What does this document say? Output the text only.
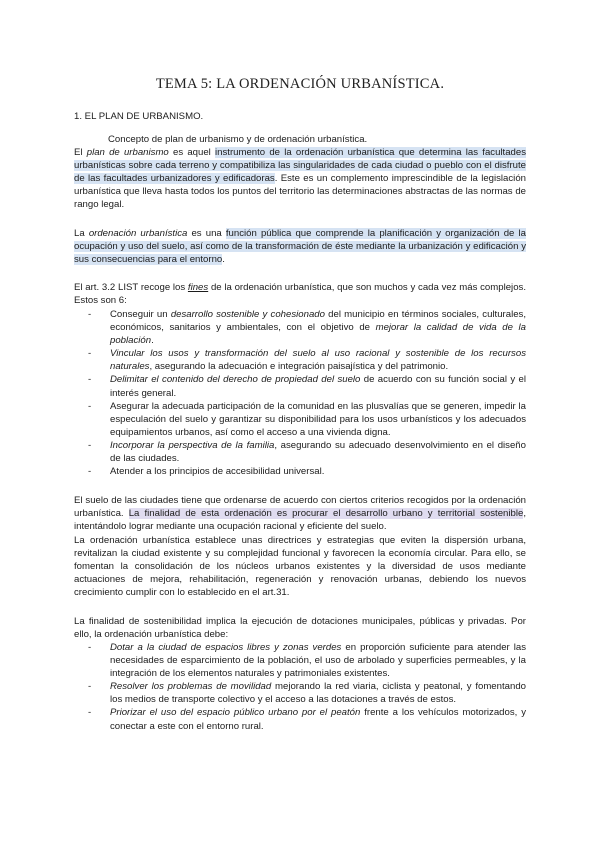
TEMA 5: LA ORDENACIÓN URBANÍSTICA.
1. EL PLAN DE URBANISMO.
Concepto de plan de urbanismo y de ordenación urbanística.
El plan de urbanismo es aquel instrumento de la ordenación urbanística que determina las facultades urbanísticas sobre cada terreno y compatibiliza las singularidades de cada ciudad o pueblo con el disfrute de las facultades urbanizadores y edificadoras. Este es un complemento imprescindible de la legislación urbanística que lleva hasta todos los puntos del territorio las determinaciones abstractas de las normas de rango legal.
La ordenación urbanística es una función pública que comprende la planificación y organización de la ocupación y uso del suelo, así como de la transformación de éste mediante la urbanización y edificación y sus consecuencias para el entorno.
El art. 3.2 LIST recoge los fines de la ordenación urbanística, que son muchos y cada vez más complejos. Estos son 6:
- Conseguir un desarrollo sostenible y cohesionado del municipio en términos sociales, culturales, económicos, sanitarios y ambientales, con el objetivo de mejorar la calidad de vida de la población.
- Vincular los usos y transformación del suelo al uso racional y sostenible de los recursos naturales, asegurando la adecuación e integración paisajística y del patrimonio.
- Delimitar el contenido del derecho de propiedad del suelo de acuerdo con su función social y el interés general.
- Asegurar la adecuada participación de la comunidad en las plusvalías que se generen, impedir la especulación del suelo y garantizar su disponibilidad para los usos urbanísticos y los adecuados equipamientos urbanos, así como el acceso a una vivienda digna.
- Incorporar la perspectiva de la familia, asegurando su adecuado desenvolvimiento en el diseño de las ciudades.
- Atender a los principios de accesibilidad universal.
El suelo de las ciudades tiene que ordenarse de acuerdo con ciertos criterios recogidos por la ordenación urbanística. La finalidad de esta ordenación es procurar el desarrollo urbano y territorial sostenible, intentándolo lograr mediante una ocupación racional y eficiente del suelo.
La ordenación urbanística establece unas directrices y estrategias que eviten la dispersión urbana, revitalizan la ciudad existente y su complejidad funcional y favorecen la economía circular. Para ello, se fomentan la consolidación de los núcleos urbanos existentes y la diversidad de usos mediante actuaciones de mejora, rehabilitación, regeneración y renovación urbanas, debiendo los nuevos crecimiento cumplir con lo establecido en el art.31.
La finalidad de sostenibilidad implica la ejecución de dotaciones municipales, públicas y privadas. Por ello, la ordenación urbanística debe:
- Dotar a la ciudad de espacios libres y zonas verdes en proporción suficiente para atender las necesidades de esparcimiento de la población, el uso de arbolado y superficies permeables, y la integración de los elementos naturales y patrimoniales existentes.
- Resolver los problemas de movilidad mejorando la red viaria, ciclista y peatonal, y fomentando los medios de transporte colectivo y el acceso a las dotaciones a través de estos.
- Priorizar el uso del espacio público urbano por el peatón frente a los vehículos motorizados, y conectar a este con el entorno rural.
